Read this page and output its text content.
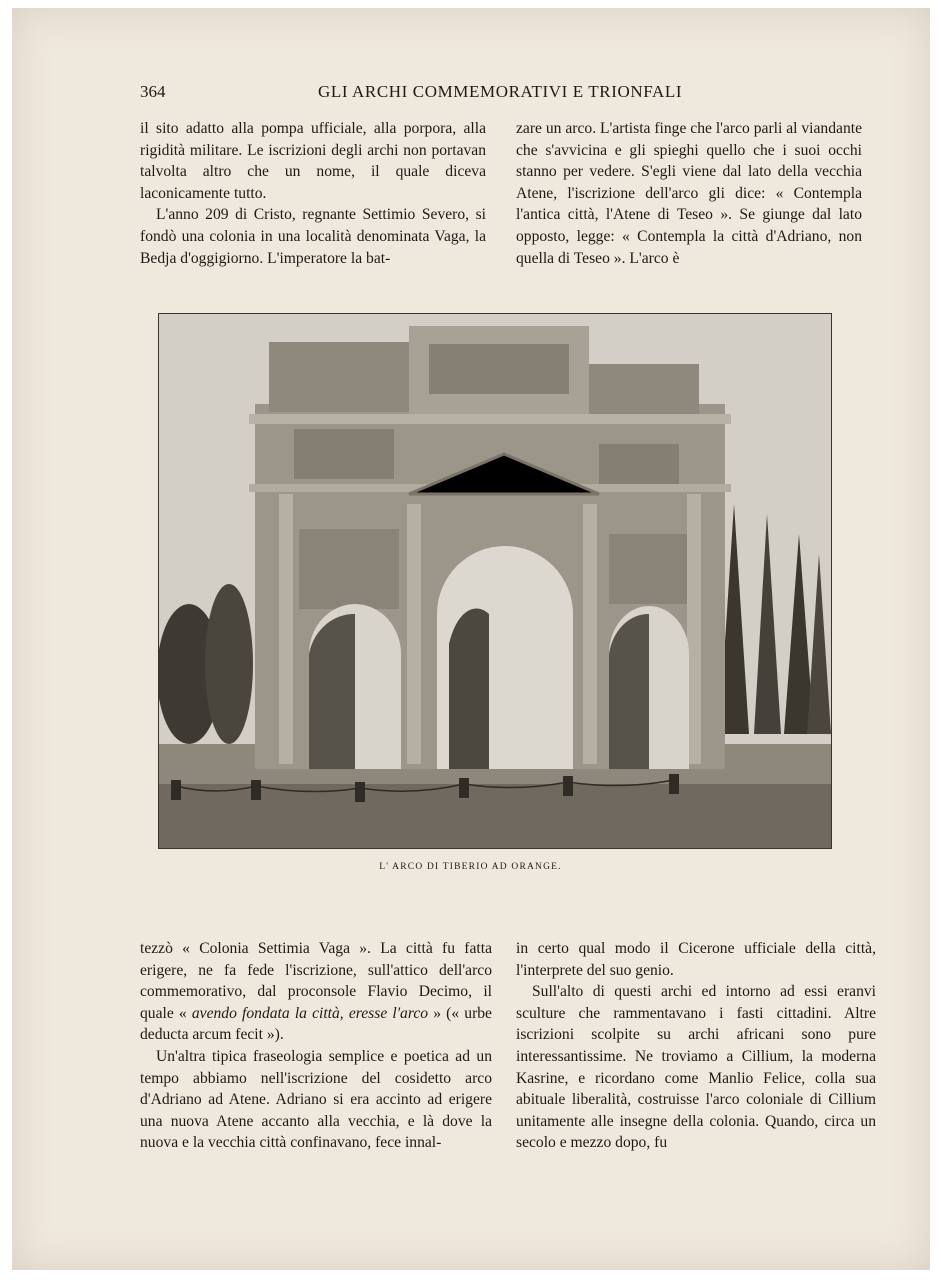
364	GLI ARCHI COMMEMORATIVI E TRIONFALI

il sito adatto alla pompa ufficiale, alla porpora, alla rigidità militare. Le iscrizioni degli archi non portavan talvolta altro che un nome, il quale diceva laconicamente tutto.

L'anno 209 di Cristo, regnante Settimio Severo, si fondò una colonia in una località denominata Vaga, la Bedja d'oggigiorno. L'imperatore la bat-

zare un arco. L'artista finge che l'arco parli al viandante che s'avvicina e gli spieghi quello che i suoi occhi stanno per vedere. S'egli viene dal lato della vecchia Atene, l'iscrizione dell'arco gli dice: « Contempla l'antica città, l'Atene di Teseo ». Se giunge dal lato opposto, legge: « Contempla la città d'Adriano, non quella di Teseo ». L'arco è

L' ARCO DI TIBERIO AD ORANGE.

tezzò « Colonia Settimia Vaga ». La città fu fatta erigere, ne fa fede l'iscrizione, sull'attico dell'arco commemorativo, dal proconsole Flavio Decimo, il quale « avendo fondata la città, eresse l'arco » (« urbe deducta arcum fecit »).

Un'altra tipica fraseologia semplice e poetica ad un tempo abbiamo nell'iscrizione del cosidetto arco d'Adriano ad Atene. Adriano si era accinto ad erigere una nuova Atene accanto alla vecchia, e là dove la nuova e la vecchia città confinavano, fece innal-

in certo qual modo il Cicerone ufficiale della città, l'interprete del suo genio.

Sull'alto di questi archi ed intorno ad essi eranvi sculture che rammentavano i fasti cittadini. Altre iscrizioni scolpite su archi africani sono pure interessantissime. Ne troviamo a Cillium, la moderna Kasrine, e ricordano come Manlio Felice, colla sua abituale liberalità, costruisse l'arco coloniale di Cillium unitamente alle insegne della colonia. Quando, circa un secolo e mezzo dopo, fu
